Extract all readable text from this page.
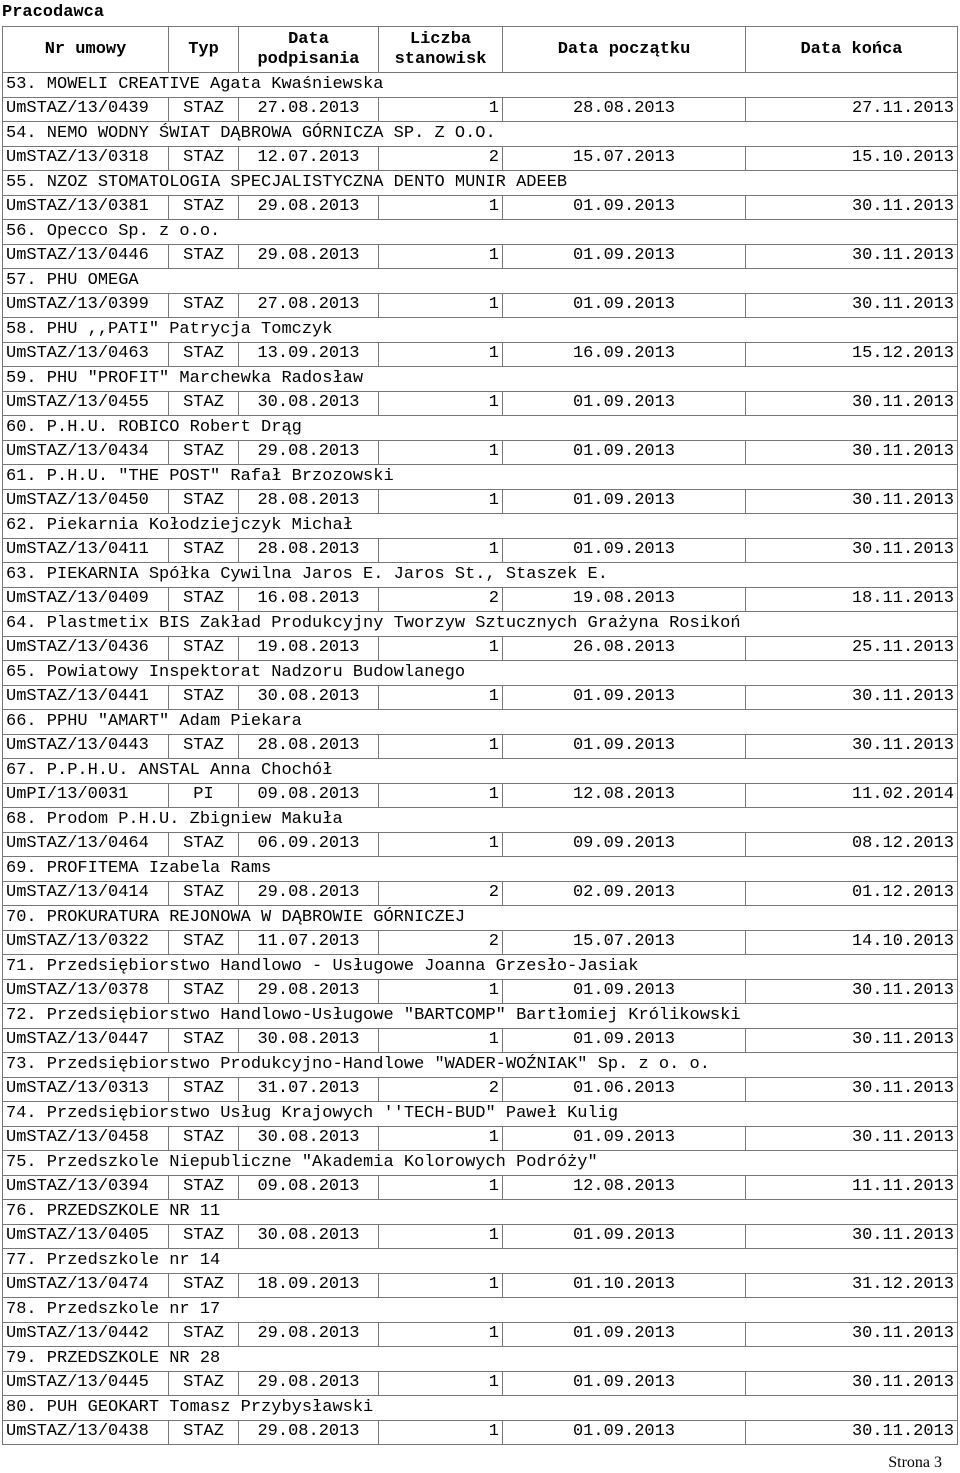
Pracodawca
Nr umowy	Typ	Data podpisania	Liczba stanowisk	Data początku	Data końca
53. MOWELI CREATIVE Agata Kwaśniewska					
UmSTAZ/13/0439	STAZ	27.08.2013	1	28.08.2013	27.11.2013
54. NEMO WODNY ŚWIAT DĄBROWA GÓRNICZA SP. Z O.O.					
UmSTAZ/13/0318	STAZ	12.07.2013	2	15.07.2013	15.10.2013
55. NZOZ STOMATOLOGIA SPECJALISTYCZNA DENTO MUNIR ADEEB					
UmSTAZ/13/0381	STAZ	29.08.2013	1	01.09.2013	30.11.2013
56. Opecco Sp. z o.o.					
UmSTAZ/13/0446	STAZ	29.08.2013	1	01.09.2013	30.11.2013
57. PHU OMEGA					
UmSTAZ/13/0399	STAZ	27.08.2013	1	01.09.2013	30.11.2013
58. PHU ,,PATI" Patrycja Tomczyk					
UmSTAZ/13/0463	STAZ	13.09.2013	1	16.09.2013	15.12.2013
59. PHU "PROFIT" Marchewka Radosław					
UmSTAZ/13/0455	STAZ	30.08.2013	1	01.09.2013	30.11.2013
60. P.H.U. ROBICO Robert Drąg					
UmSTAZ/13/0434	STAZ	29.08.2013	1	01.09.2013	30.11.2013
61. P.H.U. "THE POST" Rafał Brzozowski					
UmSTAZ/13/0450	STAZ	28.08.2013	1	01.09.2013	30.11.2013
62. Piekarnia Kołodziejczyk Michał					
UmSTAZ/13/0411	STAZ	28.08.2013	1	01.09.2013	30.11.2013
63. PIEKARNIA Spółka Cywilna Jaros E. Jaros St., Staszek E.					
UmSTAZ/13/0409	STAZ	16.08.2013	2	19.08.2013	18.11.2013
64. Plastmetix BIS Zakład Produkcyjny Tworzyw Sztucznych Grażyna Rosikoń					
UmSTAZ/13/0436	STAZ	19.08.2013	1	26.08.2013	25.11.2013
65. Powiatowy Inspektorat Nadzoru Budowlanego					
UmSTAZ/13/0441	STAZ	30.08.2013	1	01.09.2013	30.11.2013
66. PPHU "AMART" Adam Piekara					
UmSTAZ/13/0443	STAZ	28.08.2013	1	01.09.2013	30.11.2013
67. P.P.H.U. ANSTAL Anna Chochół					
UmPI/13/0031	PI	09.08.2013	1	12.08.2013	11.02.2014
68. Prodom P.H.U. Zbigniew Makuła					
UmSTAZ/13/0464	STAZ	06.09.2013	1	09.09.2013	08.12.2013
69. PROFITEMA Izabela Rams					
UmSTAZ/13/0414	STAZ	29.08.2013	2	02.09.2013	01.12.2013
70. PROKURATURA REJONOWA W DĄBROWIE GÓRNICZEJ					
UmSTAZ/13/0322	STAZ	11.07.2013	2	15.07.2013	14.10.2013
71. Przedsiębiorstwo Handlowo - Usługowe Joanna Grzesło-Jasiak					
UmSTAZ/13/0378	STAZ	29.08.2013	1	01.09.2013	30.11.2013
72. Przedsiębiorstwo Handlowo-Usługowe "BARTCOMP" Bartłomiej Królikowski					
UmSTAZ/13/0447	STAZ	30.08.2013	1	01.09.2013	30.11.2013
73. Przedsiębiorstwo Produkcyjno-Handlowe "WADER-WOŹNIAK" Sp. z o. o.					
UmSTAZ/13/0313	STAZ	31.07.2013	2	01.06.2013	30.11.2013
74. Przedsiębiorstwo Usług Krajowych ''TECH-BUD" Paweł Kulig					
UmSTAZ/13/0458	STAZ	30.08.2013	1	01.09.2013	30.11.2013
75. Przedszkole Niepubliczne "Akademia Kolorowych Podróży"					
UmSTAZ/13/0394	STAZ	09.08.2013	1	12.08.2013	11.11.2013
76. PRZEDSZKOLE NR 11					
UmSTAZ/13/0405	STAZ	30.08.2013	1	01.09.2013	30.11.2013
77. Przedszkole nr 14					
UmSTAZ/13/0474	STAZ	18.09.2013	1	01.10.2013	31.12.2013
78. Przedszkole nr 17					
UmSTAZ/13/0442	STAZ	29.08.2013	1	01.09.2013	30.11.2013
79. PRZEDSZKOLE NR 28					
UmSTAZ/13/0445	STAZ	29.08.2013	1	01.09.2013	30.11.2013
80. PUH GEOKART Tomasz Przybysławski					
UmSTAZ/13/0438	STAZ	29.08.2013	1	01.09.2013	30.11.2013
Strona 3
